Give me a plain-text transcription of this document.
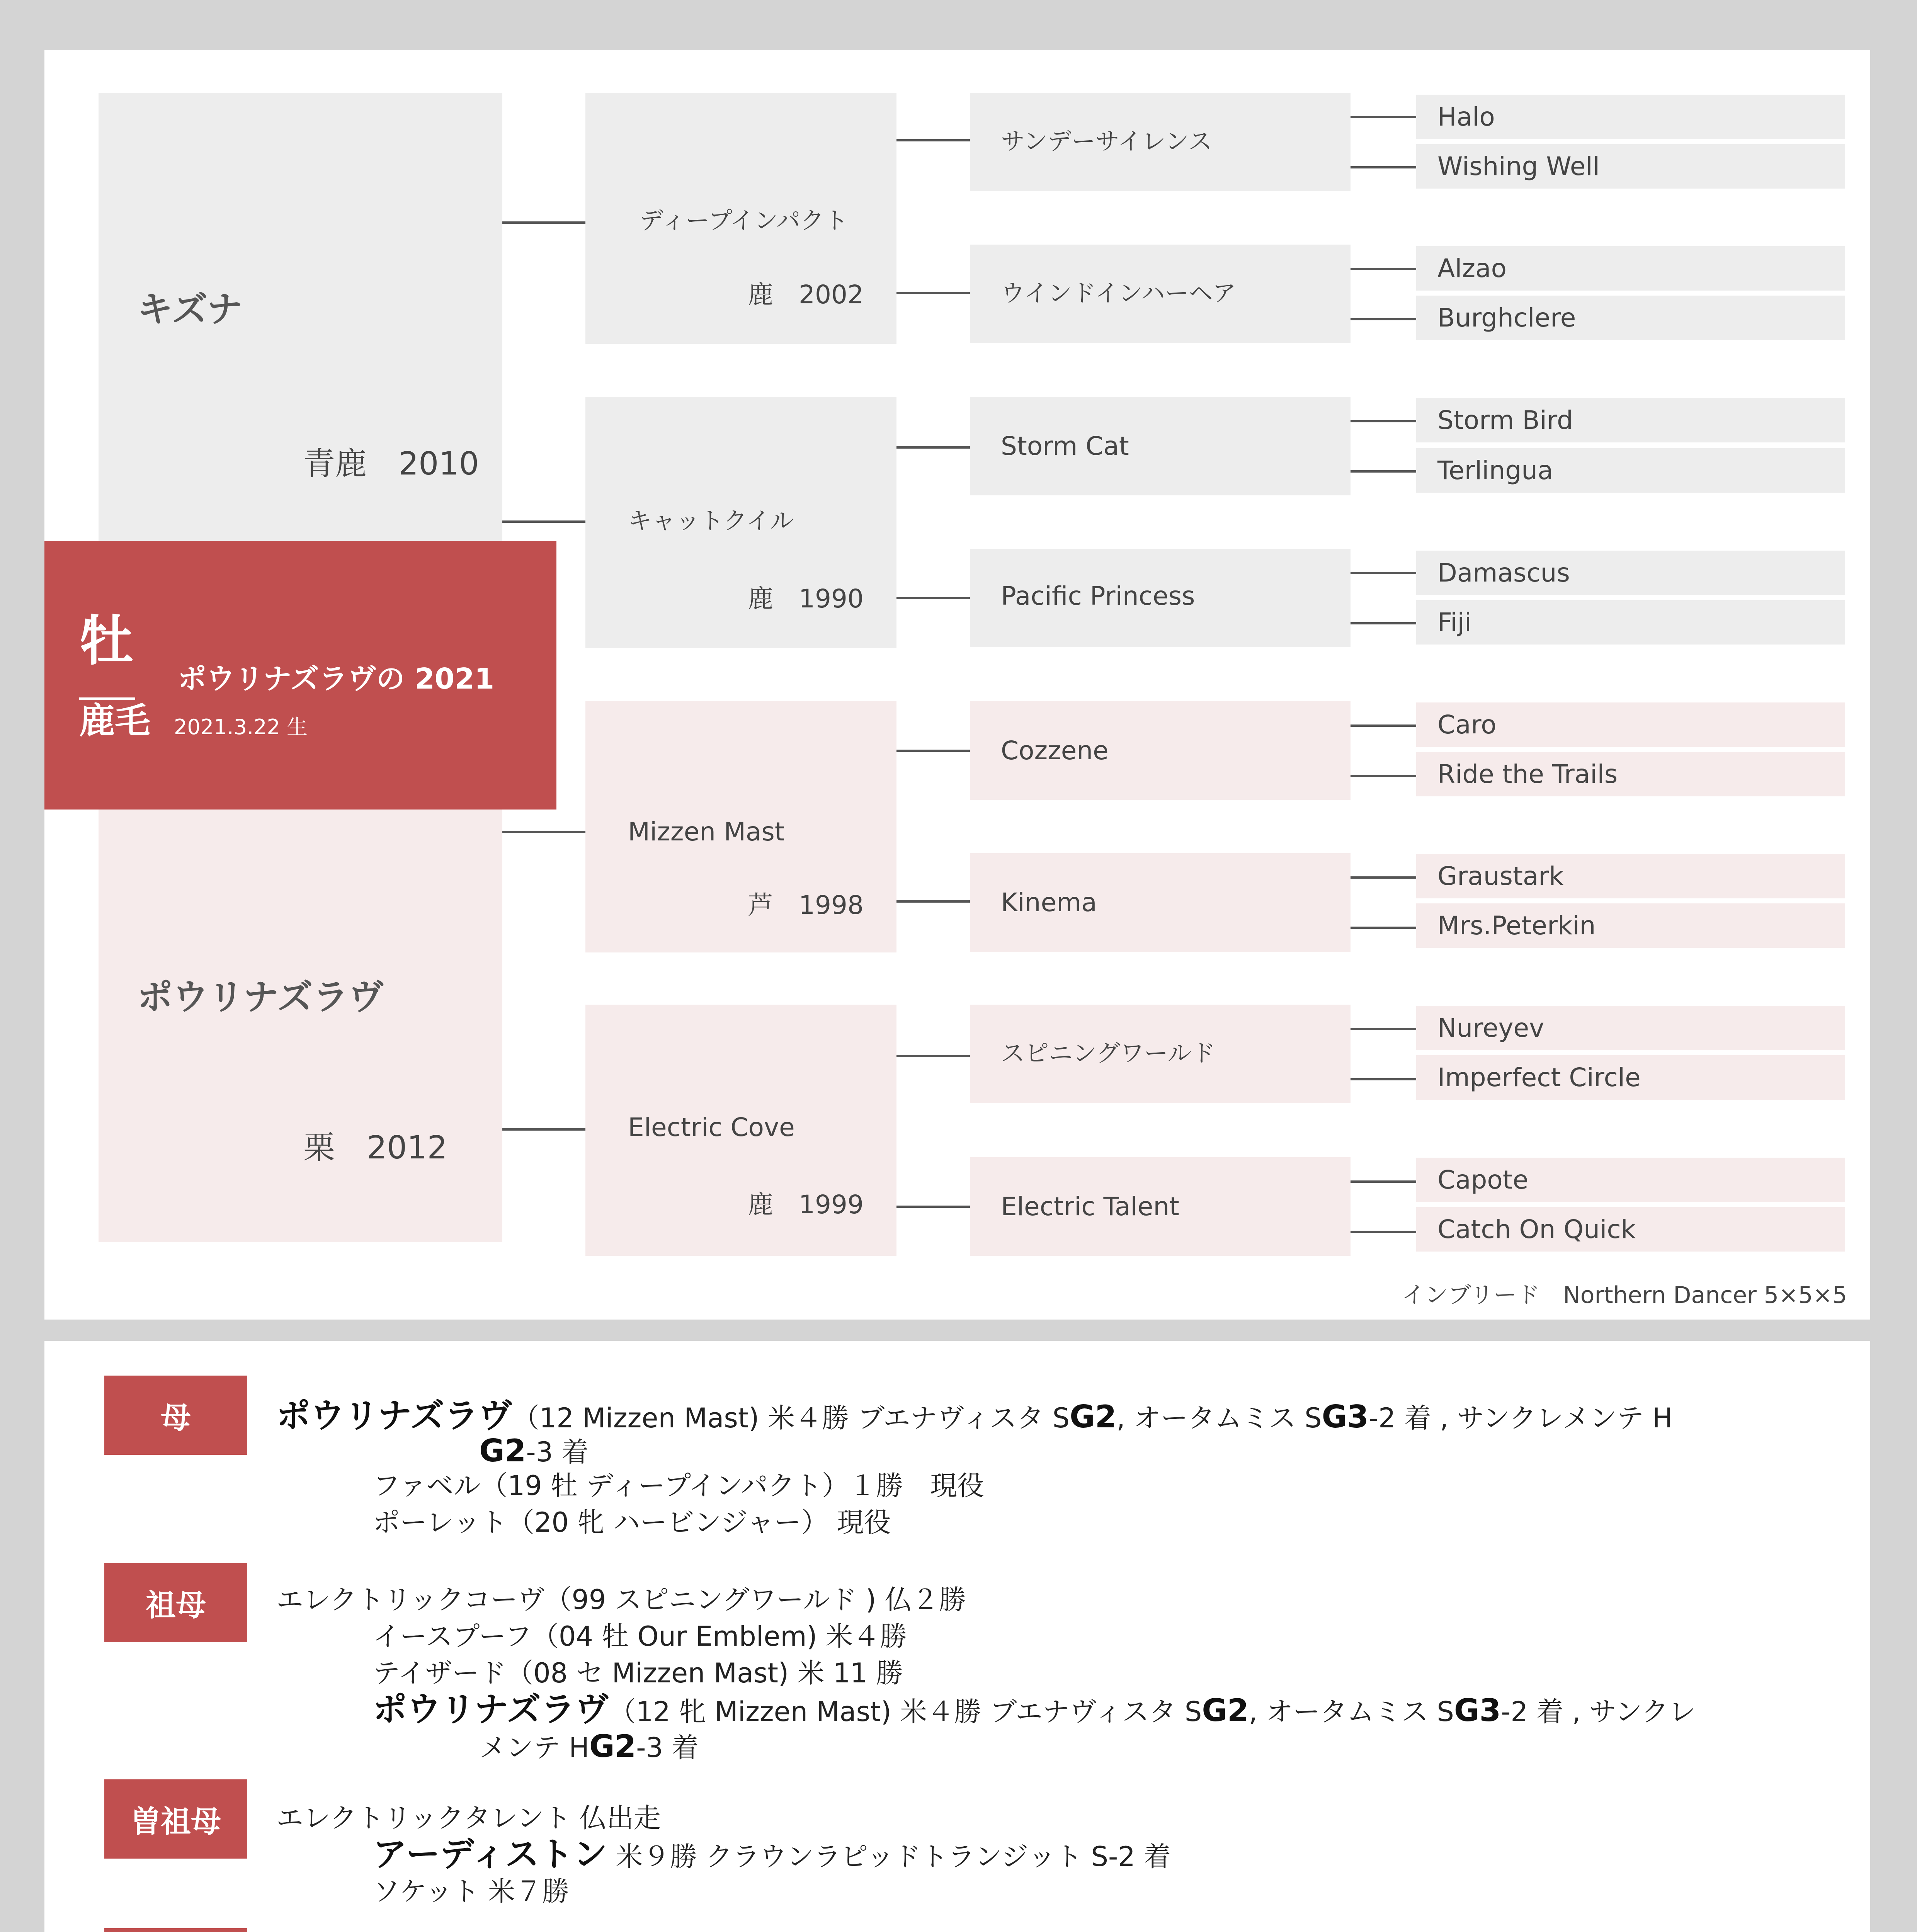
キズナ
青鹿　2010
ポウリナズラヴ
栗　2012
牡
鹿毛
ポウリナズラヴの 2021
2021.3.22 生
ディープインパクト
鹿　2002
キャットクイル
鹿　1990
Mizzen Mast
芦　1998
Electric Cove
鹿　1999
サンデーサイレンス
ウインドインハーヘア
Storm Cat
Pacific Princess
Cozzene
Kinema
スピニングワールド
Electric Talent
Halo
Wishing Well
Alzao
Burghclere
Storm Bird
Terlingua
Damascus
Fiji
Caro
Ride the Trails
Graustark
Mrs.Peterkin
Nureyev
Imperfect Circle
Capote
Catch On Quick
インブリード　Northern Dancer 5×5×5
母
祖母
曽祖母
ポウリナズラヴ（12 Mizzen Mast) 米４勝 ブエナヴィスタ SG2, オータムミス SG3-2 着 , サンクレメンテ H
G2-3 着
ファベル（19 牡 ディープインパクト）１勝　現役
ポーレット（20 牝 ハービンジャー） 現役
エレクトリックコーヴ（99 スピニングワールド ) 仏２勝
イースプーフ（04 牡 Our Emblem) 米４勝
テイザード（08 セ Mizzen Mast) 米 11 勝
ポウリナズラヴ（12 牝 Mizzen Mast) 米４勝 ブエナヴィスタ SG2, オータムミス SG3-2 着 , サンクレ
メンテ HG2-3 着
エレクトリックタレント 仏出走
アーディストン 米９勝 クラウンラピッドトランジット S-2 着
ソケット 米７勝
